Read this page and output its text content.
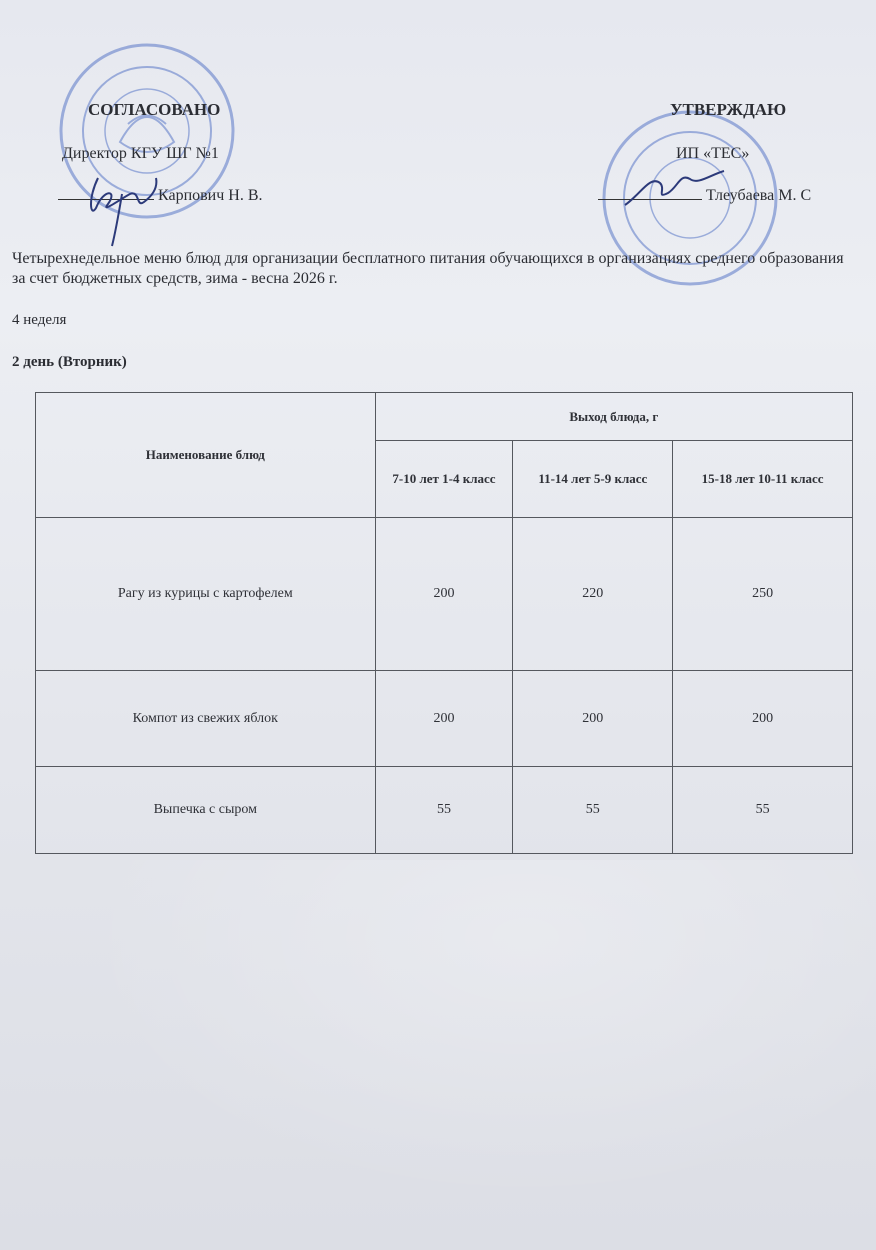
СОГЛАСОВАНО	УТВЕРЖДАЮ
Директор КГУ ШГ №1	ИП «ТЕС»
Карпович Н. В.	Тлеубаева М. С
Четырехнедельное меню блюд для организации бесплатного питания обучающихся в организациях среднего образования за счет бюджетных средств, зима - весна 2026 г.
4 неделя
2 день (Вторник)
Наименование блюд	Выход блюда, г		
	7-10 лет 1-4 класс	11-14 лет 5-9 класс	15-18 лет 10-11 класс
Рагу из курицы с картофелем	200	220	250
Компот из свежих яблок	200	200	200
Выпечка с сыром	55	55	55
